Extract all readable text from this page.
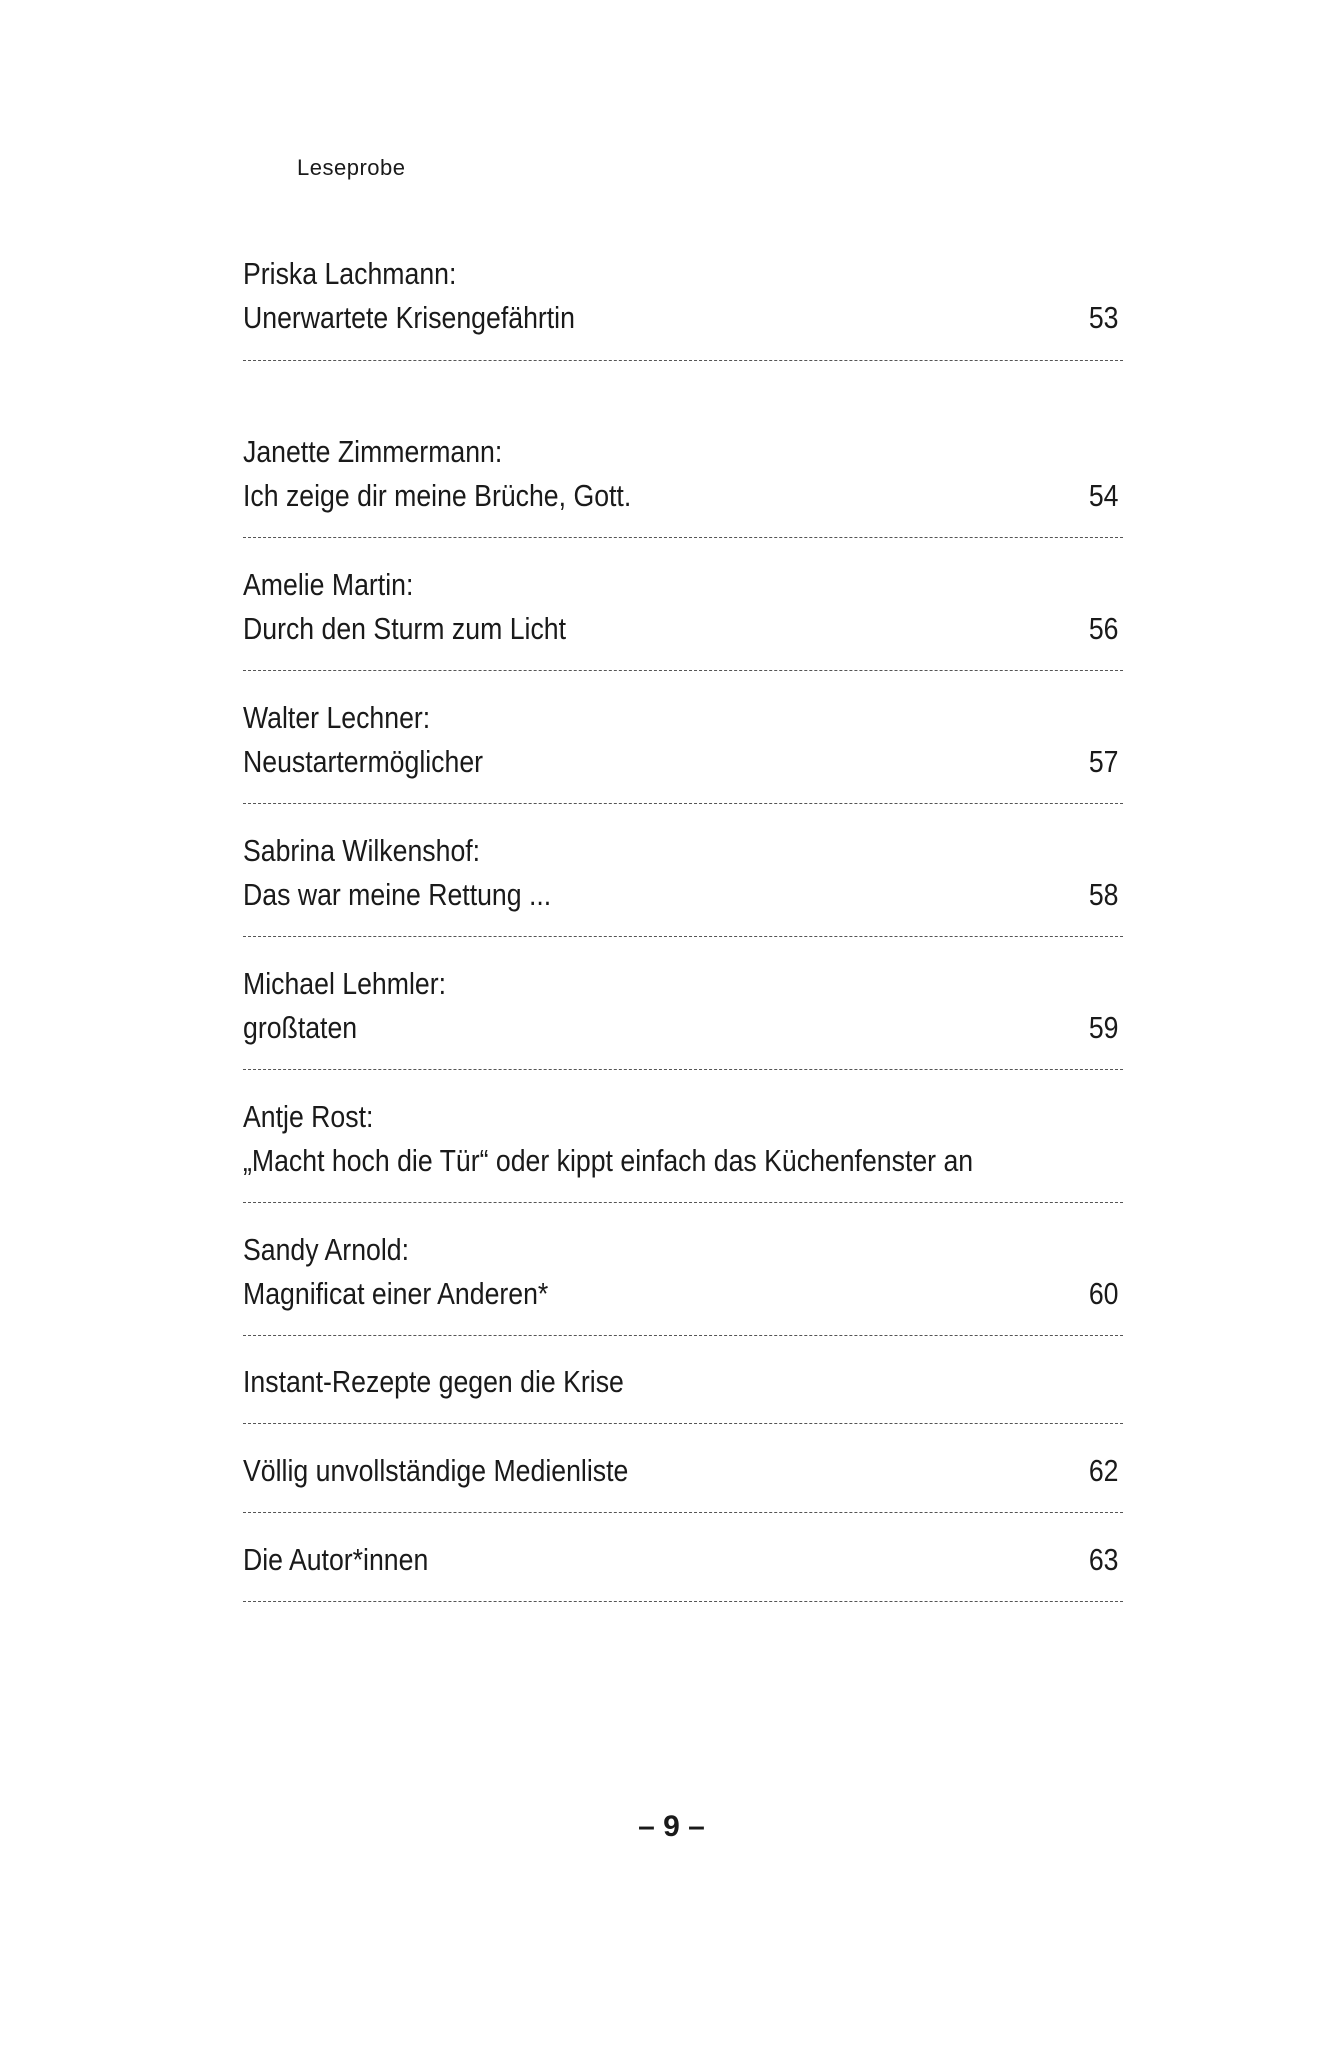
Leseprobe
Priska Lachmann:
Unerwartete Krisengefährtin	53
Janette Zimmermann:
Ich zeige dir meine Brüche, Gott.	54
Amelie Martin:
Durch den Sturm zum Licht	56
Walter Lechner:
Neustartermöglicher	57
Sabrina Wilkenshof:
Das war meine Rettung ...	58
Michael Lehmler:
großtaten	59
Antje Rost:
„Macht hoch die Tür“ oder kippt einfach das Küchenfenster an
Sandy Arnold:
Magnificat einer Anderen*	60
Instant-Rezepte gegen die Krise
Völlig unvollständige Medienliste	62
Die Autor*innen	63
– 9 –
